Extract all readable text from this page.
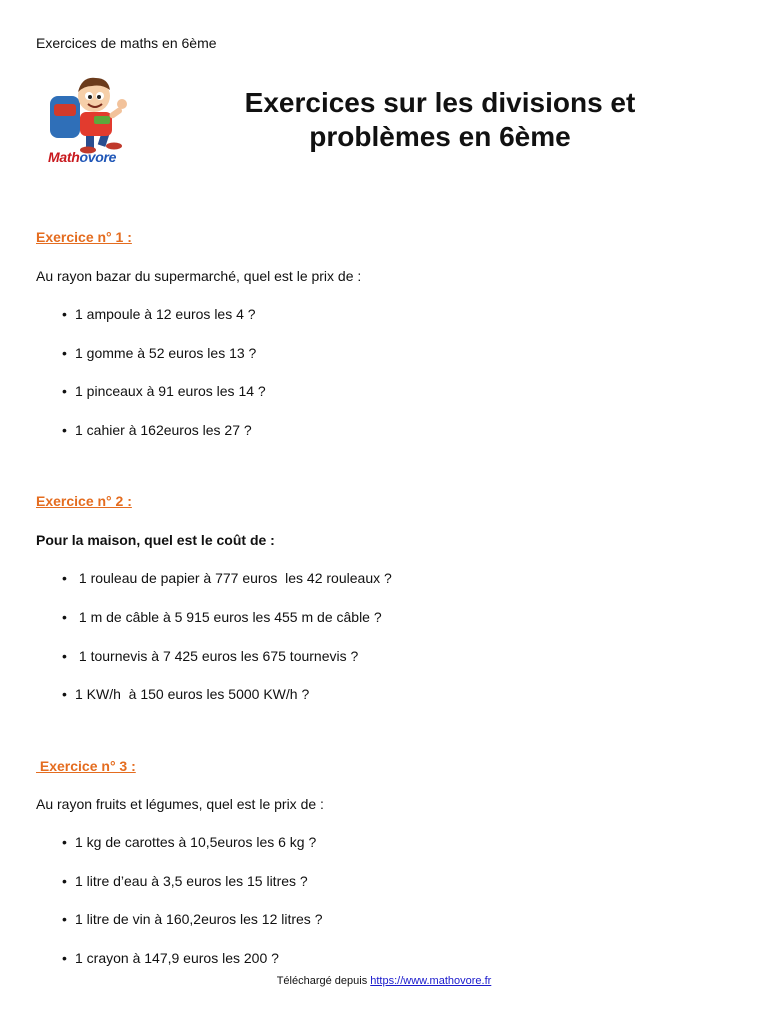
Exercices de maths en 6ème
Mathovore
Exercices sur les divisions et
problèmes en 6ème
Exercice n° 1 :
Au rayon bazar du supermarché, quel est le prix de :
• 1 ampoule à 12 euros les 4 ?
• 1 gomme à 52 euros les 13 ?
• 1 pinceaux à 91 euros les 14 ?
• 1 cahier à 162euros les 27 ?
Exercice n° 2 :
Pour la maison, quel est le coût de :
• 1 rouleau de papier à 777 euros  les 42 rouleaux ?
• 1 m de câble à 5 915 euros les 455 m de câble ?
• 1 tournevis à 7 425 euros les 675 tournevis ?
• 1 KW/h  à 150 euros les 5000 KW/h ?
Exercice n° 3 :
Au rayon fruits et légumes, quel est le prix de :
• 1 kg de carottes à 10,5euros les 6 kg ?
• 1 litre d’eau à 3,5 euros les 15 litres ?
• 1 litre de vin à 160,2euros les 12 litres ?
• 1 crayon à 147,9 euros les 200 ?
Téléchargé depuis https://www.mathovore.fr
